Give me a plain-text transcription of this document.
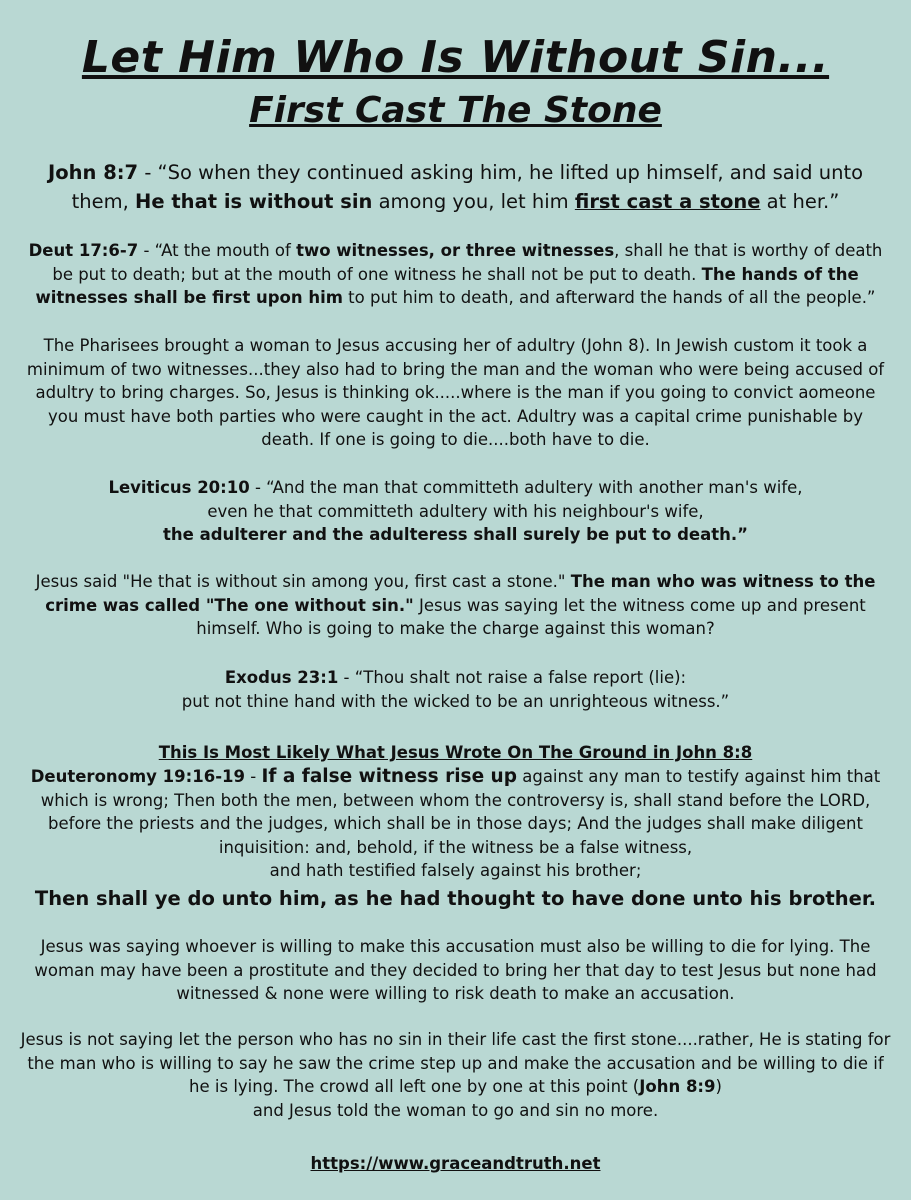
Let Him Who Is Without Sin...
First Cast The Stone
John 8:7 - “So when they continued asking him, he lifted up himself, and said unto them, He that is without sin among you, let him first cast a stone at her.”
Deut 17:6-7 - “At the mouth of two witnesses, or three witnesses, shall he that is worthy of death be put to death; but at the mouth of one witness he shall not be put to death. The hands of the witnesses shall be first upon him to put him to death, and afterward the hands of all the people.”
The Pharisees brought a woman to Jesus accusing her of adultry (John 8). In Jewish custom it took a minimum of two witnesses...they also had to bring the man and the woman who were being accused of adultry to bring charges. So, Jesus is thinking ok.....where is the man if you going to convict aomeone you must have both parties who were caught in the act. Adultry was a capital crime punishable by death. If one is going to die....both have to die.
Leviticus 20:10 - “And the man that committeth adultery with another man's wife,
even he that committeth adultery with his neighbour's wife,
the adulterer and the adulteress shall surely be put to death.”
Jesus said "He that is without sin among you, first cast a stone." The man who was witness to the crime was called "The one without sin." Jesus was saying let the witness come up and present himself. Who is going to make the charge against this woman?
Exodus 23:1 - “Thou shalt not raise a false report (lie):
put not thine hand with the wicked to be an unrighteous witness.”
This Is Most Likely What Jesus Wrote On The Ground in John 8:8
Deuteronomy 19:16-19 - If a false witness rise up against any man to testify against him that which is wrong; Then both the men, between whom the controversy is, shall stand before the LORD, before the priests and the judges, which shall be in those days; And the judges shall make diligent inquisition: and, behold, if the witness be a false witness,
and hath testified falsely against his brother;
Then shall ye do unto him, as he had thought to have done unto his brother.
Jesus was saying whoever is willing to make this accusation must also be willing to die for lying. The woman may have been a prostitute and they decided to bring her that day to test Jesus but none had witnessed & none were willing to risk death to make an accusation.
Jesus is not saying let the person who has no sin in their life cast the first stone....rather, He is stating for the man who is willing to say he saw the crime step up and make the accusation and be willing to die if he is lying. The crowd all left one by one at this point (John 8:9)
and Jesus told the woman to go and sin no more.
https://www.graceandtruth.net
